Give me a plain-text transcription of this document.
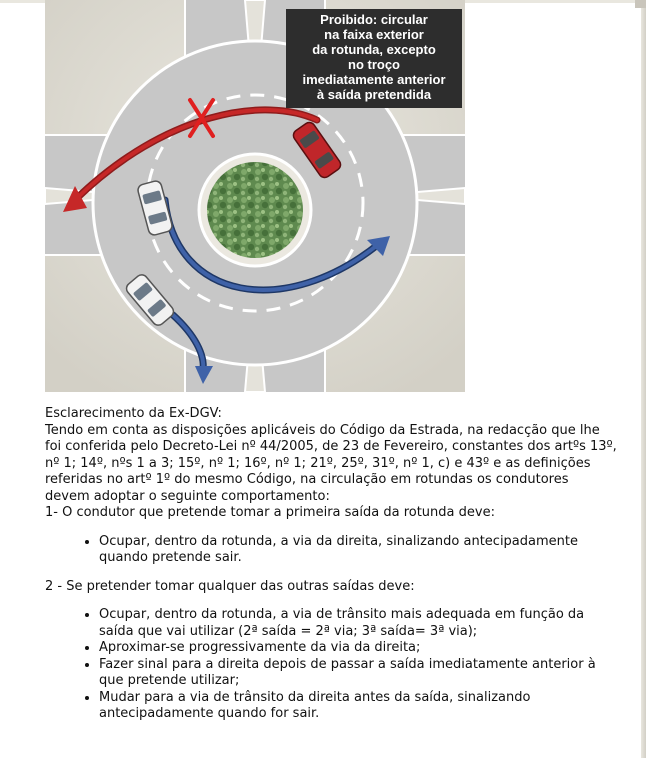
Proibido: circular
na faixa exterior
da rotunda, excepto
no troço
imediatamente anterior
à saída pretendida

Esclarecimento da Ex-DGV:
Tendo em conta as disposições aplicáveis do Código da Estrada, na redacção que lhe
foi conferida pelo Decreto-Lei nº 44/2005, de 23 de Fevereiro, constantes dos artºs 13º,
nº 1; 14º, nºs 1 a 3; 15º, nº 1; 16º, nº 1; 21º, 25º, 31º, nº 1, c) e 43º e as definições
referidas no artº 1º do mesmo Código, na circulação em rotundas os condutores
devem adoptar o seguinte comportamento:

1- O condutor que pretende tomar a primeira saída da rotunda deve:

• Ocupar, dentro da rotunda, a via da direita, sinalizando antecipadamente
quando pretende sair.

2 - Se pretender tomar qualquer das outras saídas deve:

• Ocupar, dentro da rotunda, a via de trânsito mais adequada em função da
saída que vai utilizar (2ª saída = 2ª via; 3ª saída= 3ª via);
• Aproximar-se progressivamente da via da direita;
• Fazer sinal para a direita depois de passar a saída imediatamente anterior à
que pretende utilizar;
• Mudar para a via de trânsito da direita antes da saída, sinalizando
antecipadamente quando for sair.
